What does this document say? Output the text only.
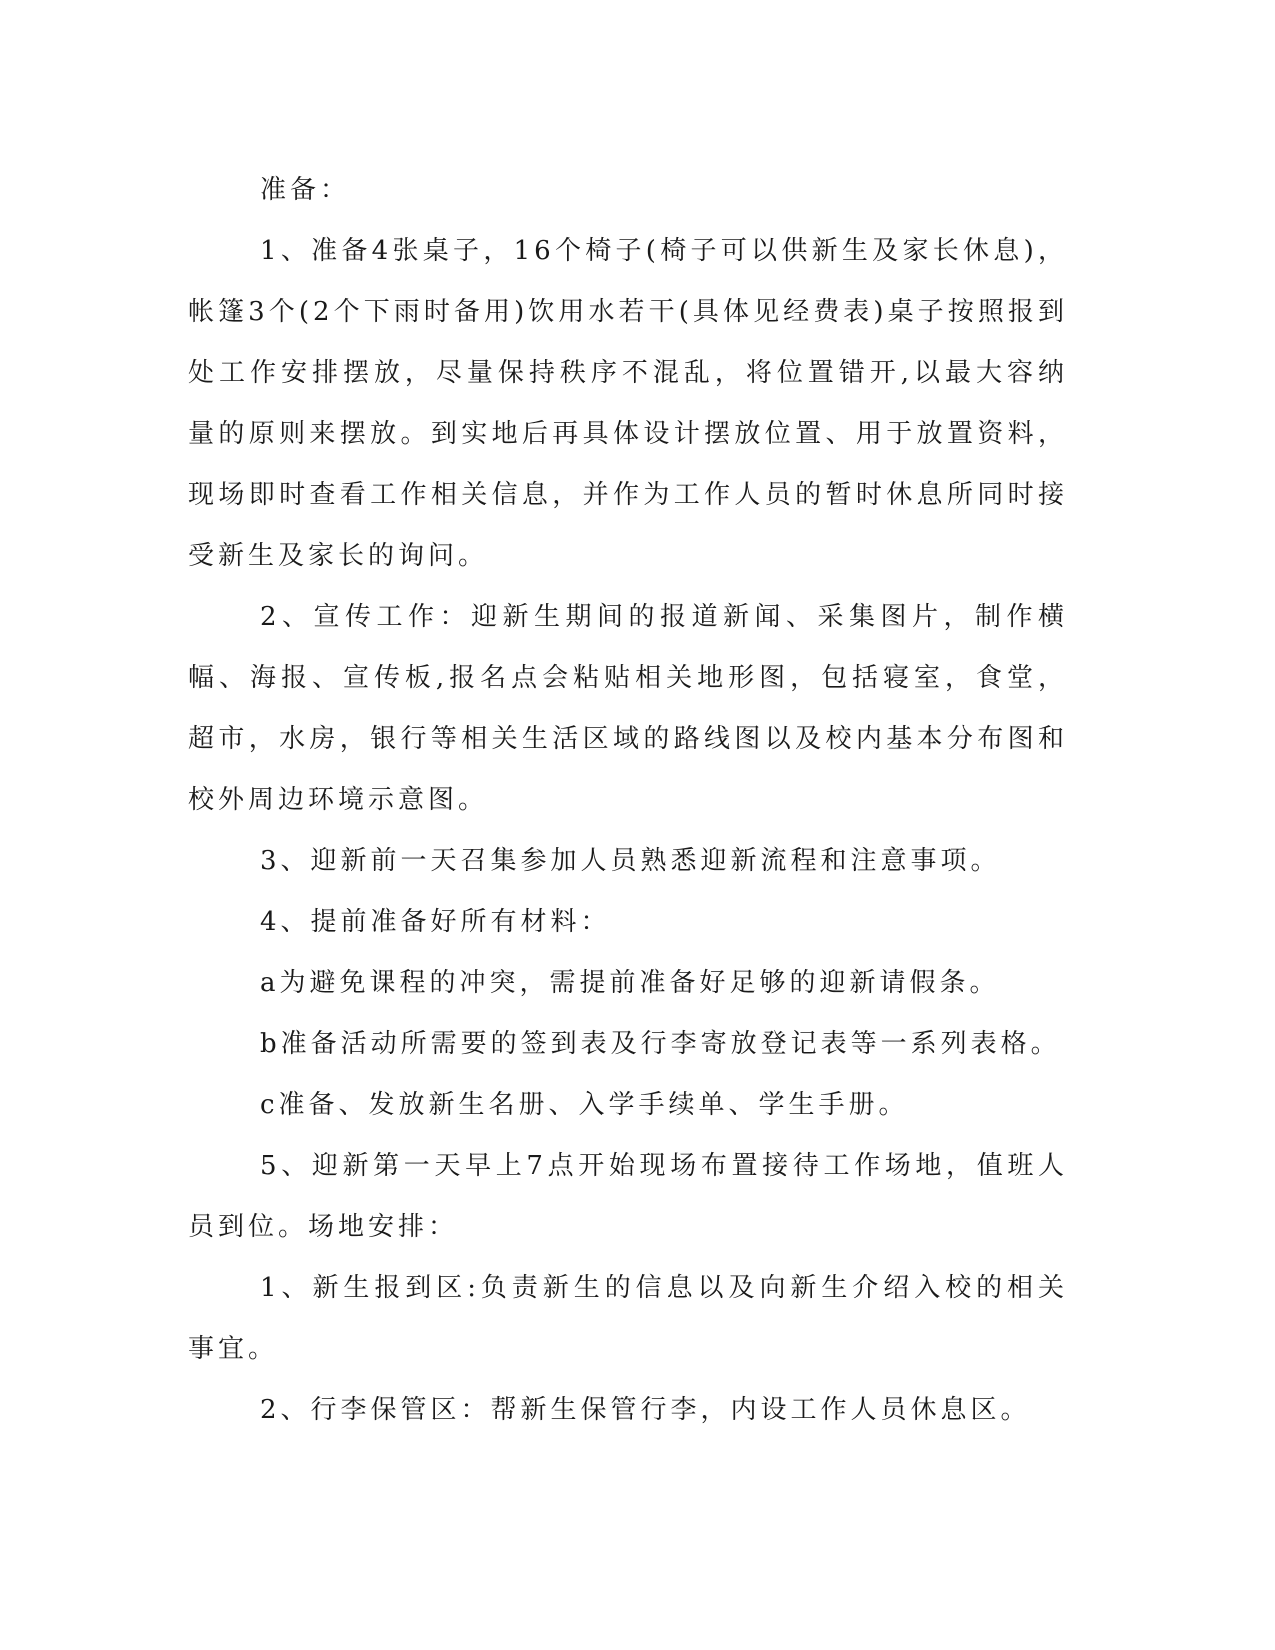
准备：

1、准备4张桌子，16个椅子(椅子可以供新生及家长休息)，帐篷3个(2个下雨时备用)饮用水若干(具体见经费表)桌子按照报到处工作安排摆放，尽量保持秩序不混乱，将位置错开,以最大容纳量的原则来摆放。到实地后再具体设计摆放位置、用于放置资料，现场即时查看工作相关信息，并作为工作人员的暂时休息所同时接受新生及家长的询问。

2、宣传工作：迎新生期间的报道新闻、采集图片，制作横幅、海报、宣传板,报名点会粘贴相关地形图，包括寝室，食堂，超市，水房，银行等相关生活区域的路线图以及校内基本分布图和校外周边环境示意图。

3、迎新前一天召集参加人员熟悉迎新流程和注意事项。

4、提前准备好所有材料：

a为避免课程的冲突，需提前准备好足够的迎新请假条。

b准备活动所需要的签到表及行李寄放登记表等一系列表格。

c准备、发放新生名册、入学手续单、学生手册。

5、迎新第一天早上7点开始现场布置接待工作场地，值班人员到位。场地安排：

1、新生报到区:负责新生的信息以及向新生介绍入校的相关事宜。

2、行李保管区：帮新生保管行李，内设工作人员休息区。
